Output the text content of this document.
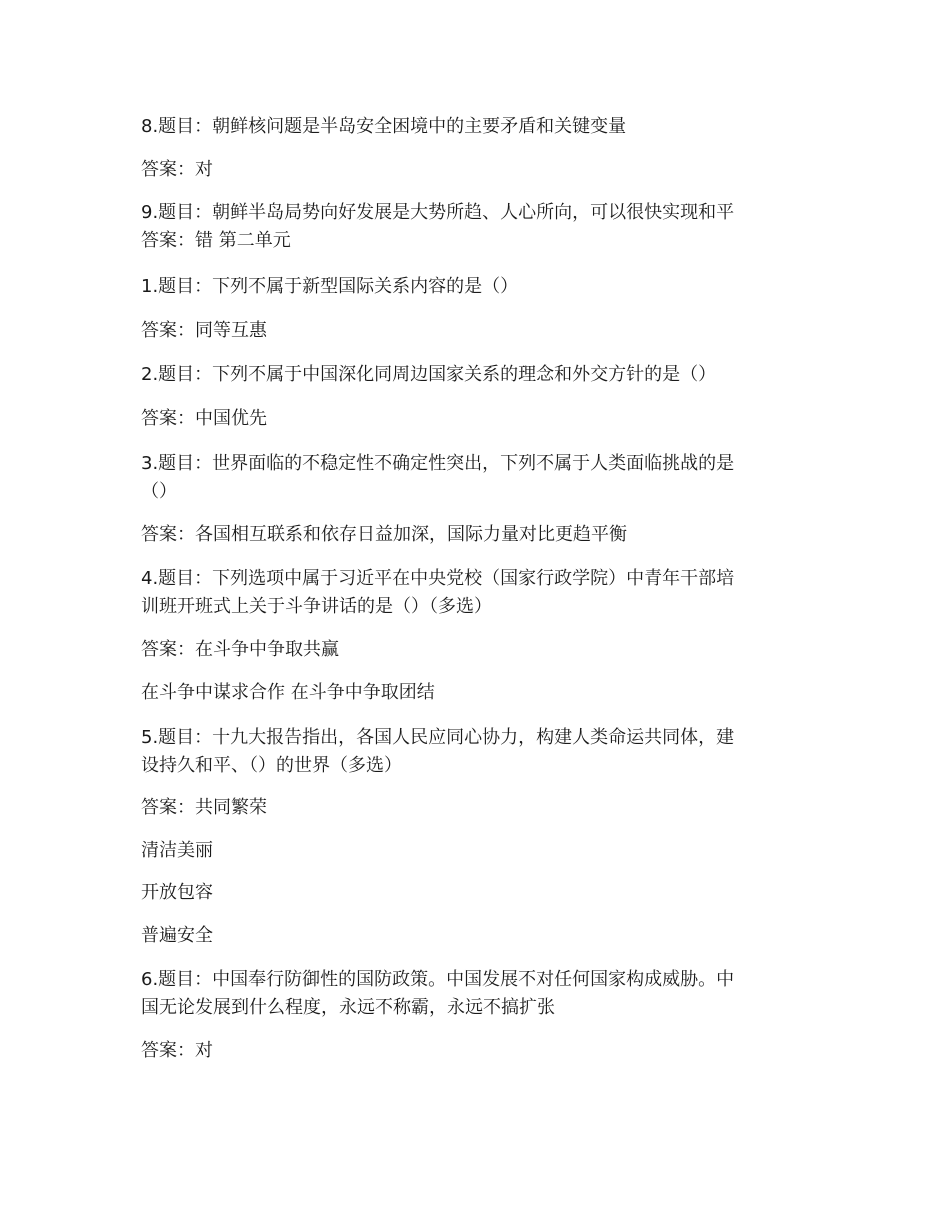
8.题目：朝鲜核问题是半岛安全困境中的主要矛盾和关键变量
答案：对
9.题目：朝鲜半岛局势向好发展是大势所趋、人心所向，可以很快实现和平
答案：错 第二单元
1.题目：下列不属于新型国际关系内容的是（）
答案：同等互惠
2.题目：下列不属于中国深化同周边国家关系的理念和外交方针的是（）
答案：中国优先
3.题目：世界面临的不稳定性不确定性突出，下列不属于人类面临挑战的是
（）
答案：各国相互联系和依存日益加深，国际力量对比更趋平衡
4.题目：下列选项中属于习近平在中央党校（国家行政学院）中青年干部培
训班开班式上关于斗争讲话的是（）（多选）
答案：在斗争中争取共赢
在斗争中谋求合作 在斗争中争取团结
5.题目：十九大报告指出，各国人民应同心协力，构建人类命运共同体，建
设持久和平、（）的世界（多选）
答案：共同繁荣
清洁美丽
开放包容
普遍安全
6.题目：中国奉行防御性的国防政策。中国发展不对任何国家构成威胁。中
国无论发展到什么程度，永远不称霸，永远不搞扩张
答案：对
